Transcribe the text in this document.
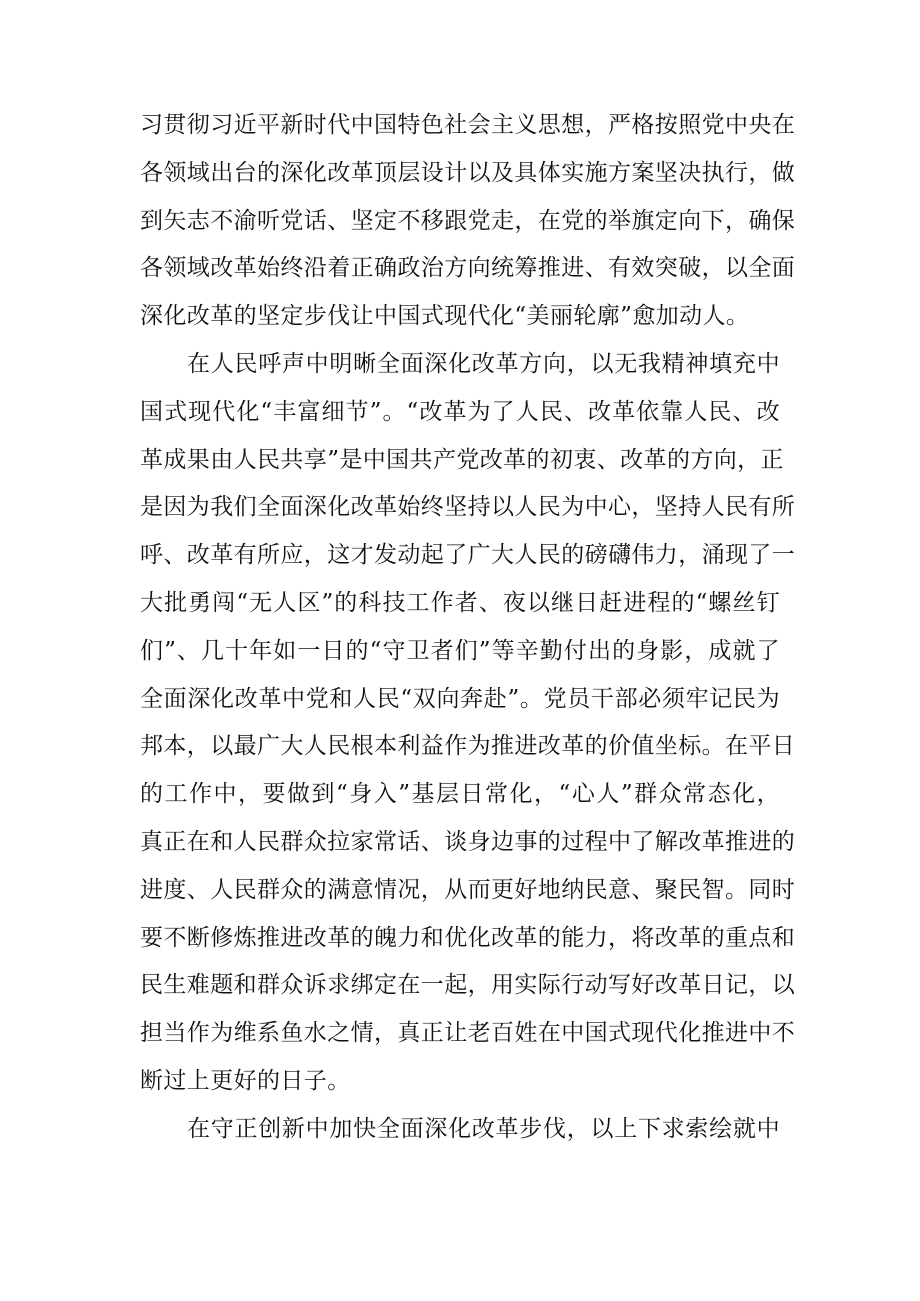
习贯彻习近平新时代中国特色社会主义思想，严格按照党中央在
各领域出台的深化改革顶层设计以及具体实施方案坚决执行，做
到矢志不渝听党话、坚定不移跟党走，在党的举旗定向下，确保
各领域改革始终沿着正确政治方向统筹推进、有效突破，以全面
深化改革的坚定步伐让中国式现代化“美丽轮廓”愈加动人。
在人民呼声中明晰全面深化改革方向，以无我精神填充中
国式现代化“丰富细节”。“改革为了人民、改革依靠人民、改
革成果由人民共享”是中国共产党改革的初衷、改革的方向，正
是因为我们全面深化改革始终坚持以人民为中心，坚持人民有所
呼、改革有所应，这才发动起了广大人民的磅礴伟力，涌现了一
大批勇闯“无人区”的科技工作者、夜以继日赶进程的“螺丝钉
们”、几十年如一日的“守卫者们”等辛勤付出的身影，成就了
全面深化改革中党和人民“双向奔赴”。党员干部必须牢记民为
邦本，以最广大人民根本利益作为推进改革的价值坐标。在平日
的工作中，要做到“身入”基层日常化，“心人”群众常态化，
真正在和人民群众拉家常话、谈身边事的过程中了解改革推进的
进度、人民群众的满意情况，从而更好地纳民意、聚民智。同时
要不断修炼推进改革的魄力和优化改革的能力，将改革的重点和
民生难题和群众诉求绑定在一起，用实际行动写好改革日记，以
担当作为维系鱼水之情，真正让老百姓在中国式现代化推进中不
断过上更好的日子。
在守正创新中加快全面深化改革步伐，以上下求索绘就中
